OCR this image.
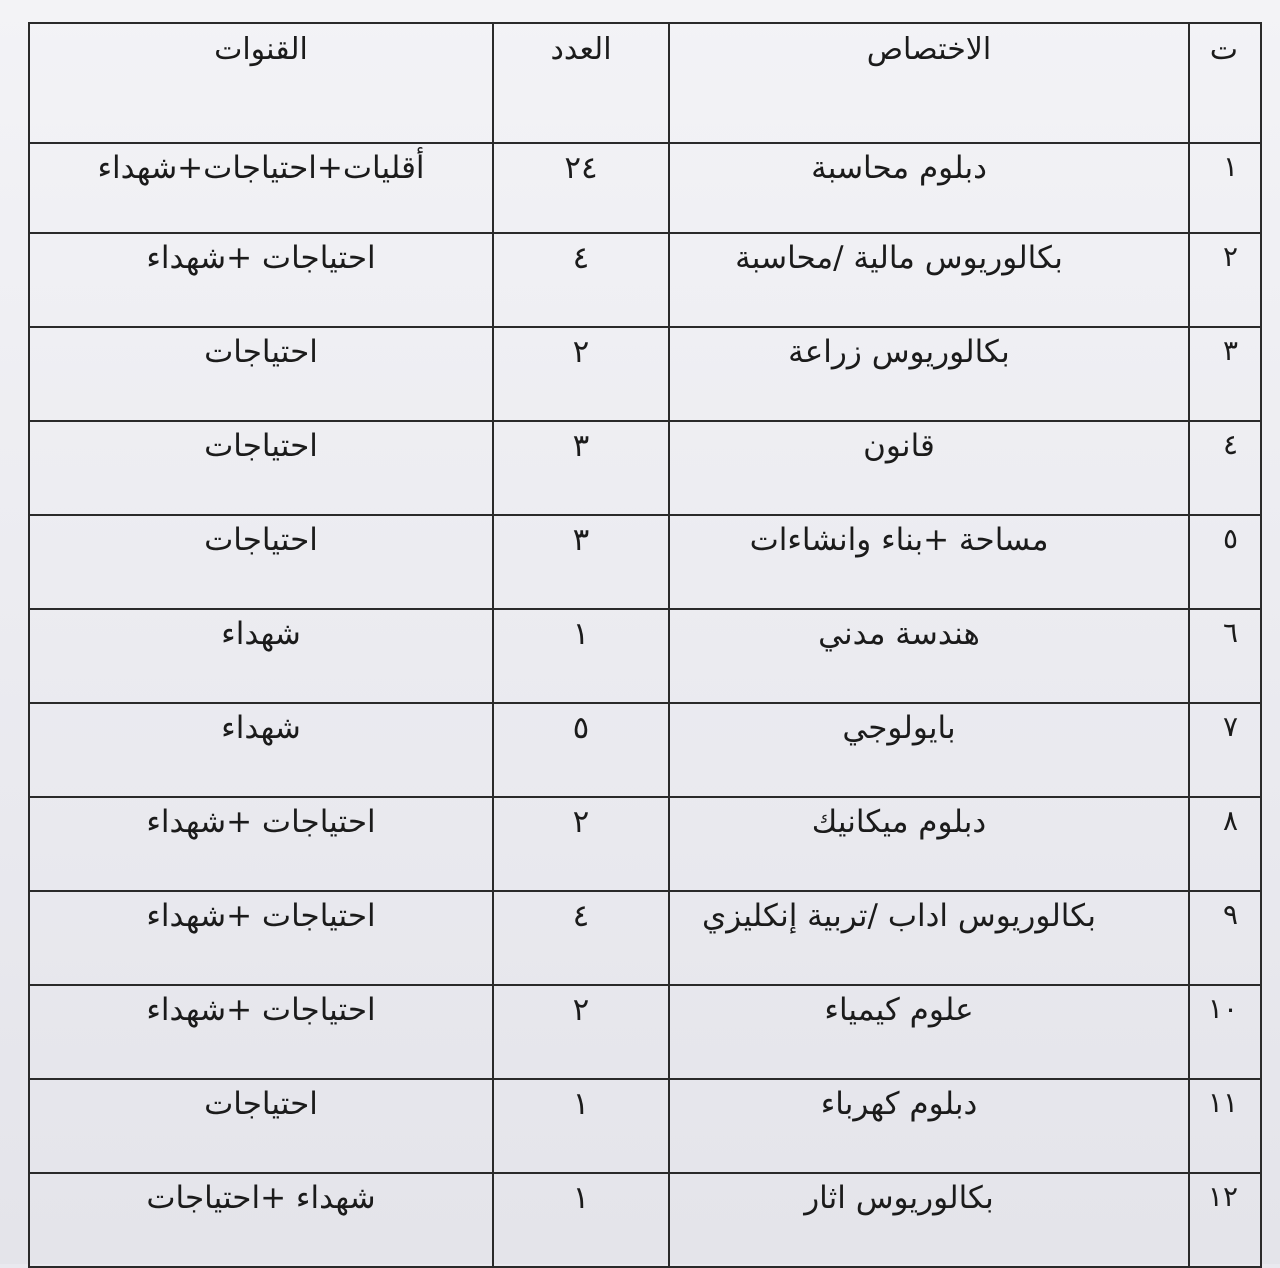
ت	الاختصاص	العدد	القنوات
١	دبلوم محاسبة	٢٤	أقليات+احتياجات+شهداء
٢	بكالوريوس مالية /محاسبة	٤	احتياجات +شهداء
٣	بكالوريوس زراعة	٢	احتياجات
٤	قانون	٣	احتياجات
٥	مساحة +بناء وانشاءات	٣	احتياجات
٦	هندسة مدني	١	شهداء
٧	بايولوجي	٥	شهداء
٨	دبلوم ميكانيك	٢	احتياجات +شهداء
٩	بكالوريوس اداب /تربية إنكليزي	٤	احتياجات +شهداء
١٠	علوم كيمياء	٢	احتياجات +شهداء
١١	دبلوم كهرباء	١	احتياجات
١٢	بكالوريوس اثار	١	شهداء +احتياجات
